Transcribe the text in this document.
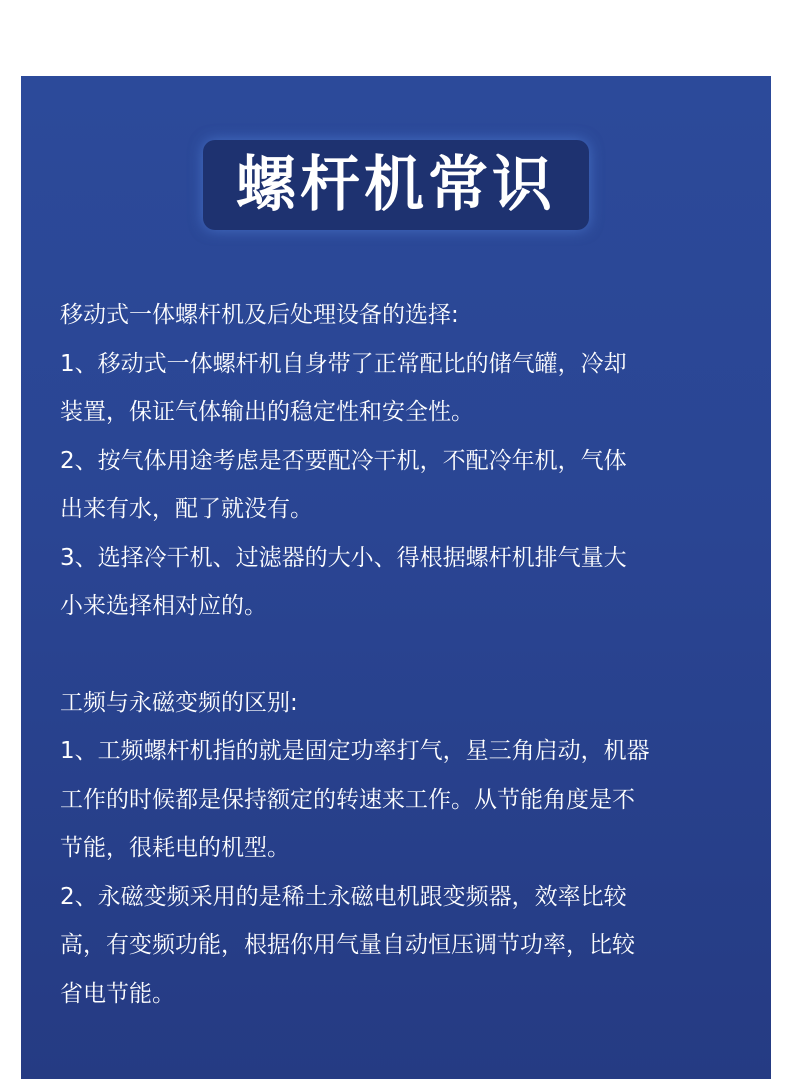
螺杆机常识

移动式一体螺杆机及后处理设备的选择:

1、移动式一体螺杆机自身带了正常配比的储气罐，冷却

装置，保证气体输出的稳定性和安全性。

2、按气体用途考虑是否要配冷干机，不配冷年机，气体

出来有水，配了就没有。

3、选择冷干机、过滤器的大小、得根据螺杆机排气量大

小来选择相对应的。

工频与永磁变频的区别:

1、工频螺杆机指的就是固定功率打气，星三角启动，机器

工作的时候都是保持额定的转速来工作。从节能角度是不

节能，很耗电的机型。

2、永磁变频采用的是稀土永磁电机跟变频器，效率比较

高，有变频功能，根据你用气量自动恒压调节功率，比较

省电节能。
